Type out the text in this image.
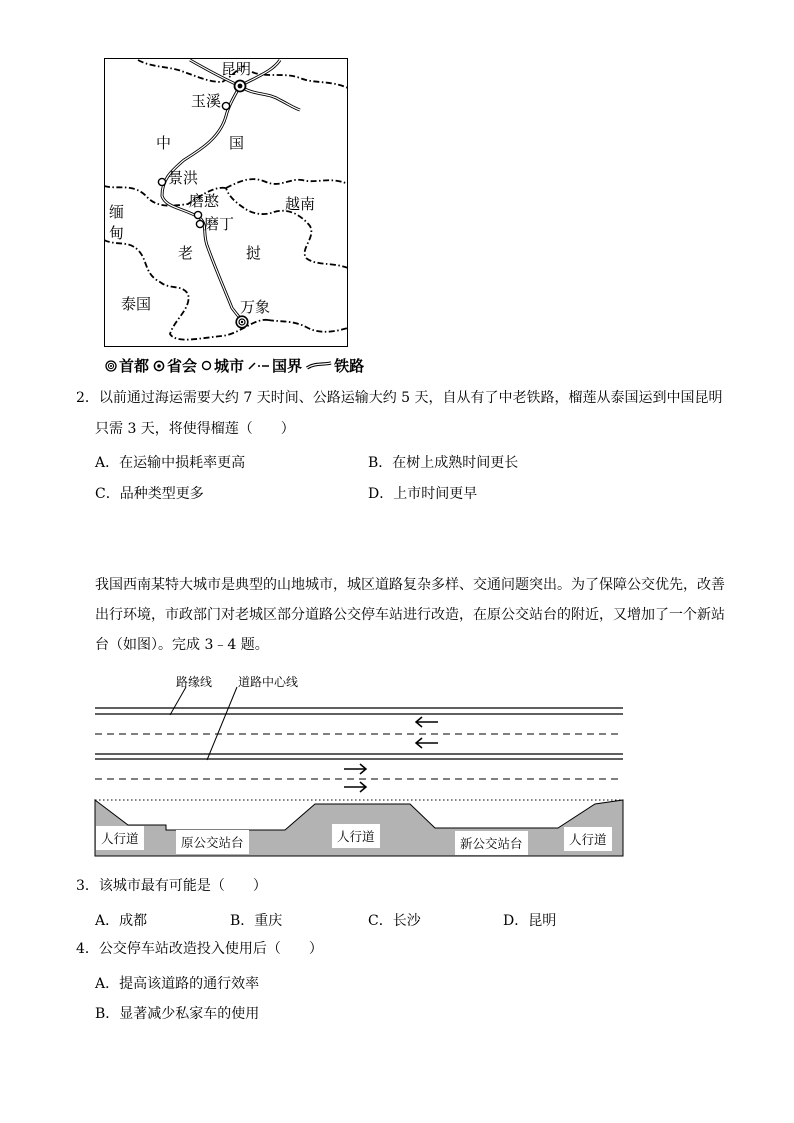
昆明
玉溪
景洪
磨憨
磨丁
万象
中	国
缅
甸
老	挝
越南
泰国
首都 省会 城市 国界 铁路
2．以前通过海运需要大约 7 天时间、公路运输大约 5 天，自从有了中老铁路，榴莲从泰国运到中国昆明
只需 3 天，将使得榴莲（　　）
A．在运输中损耗率更高	B．在树上成熟时间更长
C．品种类型更多	D．上市时间更早
我国西南某特大城市是典型的山地城市，城区道路复杂多样、交通问题突出。为了保障公交优先，改善出行环境，市政部门对老城区部分道路公交停车站进行改造，在原公交站台的附近，又增加了一个新站台（如图）。完成 3﹣4 题。
路缘线 道路中心线
人行道	原公交站台	人行道	新公交站台	人行道
3．该城市最有可能是（　　）
A．成都	B．重庆	C．长沙	D．昆明
4．公交停车站改造投入使用后（　　）
A．提高该道路的通行效率
B．显著减少私家车的使用
